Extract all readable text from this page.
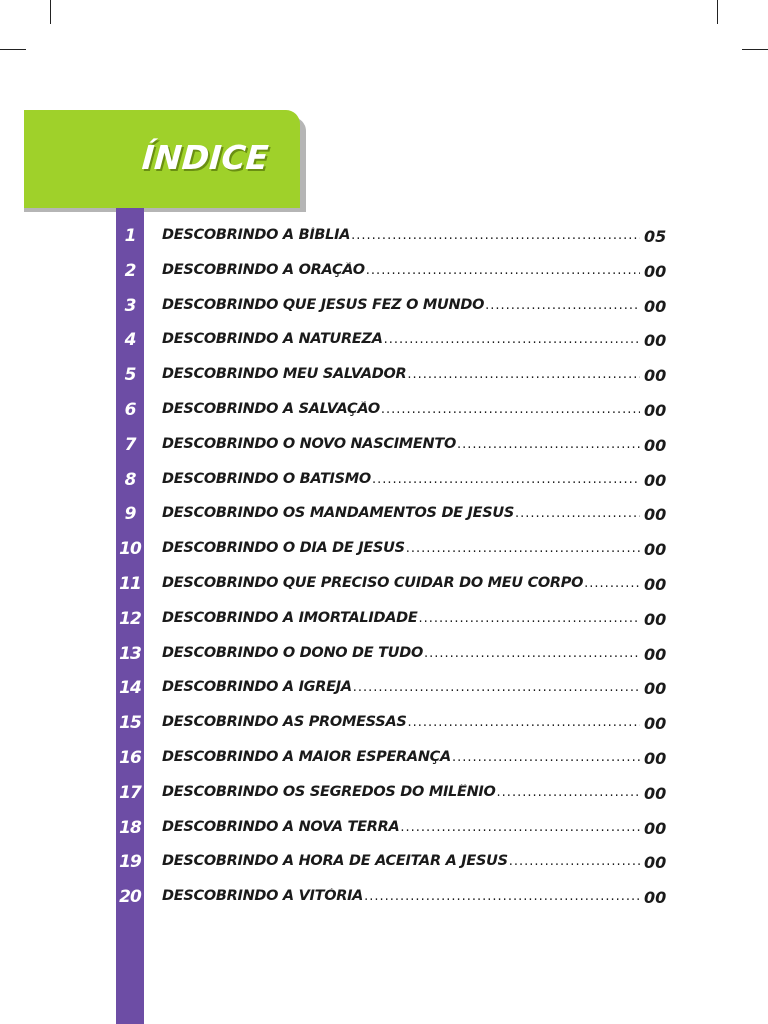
ÍNDICE
1	DESCOBRINDO A BÍBLIA .....	05
2	DESCOBRINDO A ORAÇÃO .....	00
3	DESCOBRINDO QUE JESUS FEZ O MUNDO .....	00
4	DESCOBRINDO A NATUREZA .....	00
5	DESCOBRINDO MEU SALVADOR .....	00
6	DESCOBRINDO A SALVAÇÃO .....	00
7	DESCOBRINDO O NOVO NASCIMENTO .....	00
8	DESCOBRINDO O BATISMO .....	00
9	DESCOBRINDO OS MANDAMENTOS DE JESUS .....	00
10	DESCOBRINDO O DIA DE JESUS .....	00
11	DESCOBRINDO QUE PRECISO CUIDAR DO MEU CORPO .....	00
12	DESCOBRINDO A IMORTALIDADE .....	00
13	DESCOBRINDO O DONO DE TUDO .....	00
14	DESCOBRINDO A IGREJA .....	00
15	DESCOBRINDO AS PROMESSAS .....	00
16	DESCOBRINDO A MAIOR ESPERANÇA .....	00
17	DESCOBRINDO OS SEGREDOS DO MILÊNIO .....	00
18	DESCOBRINDO A NOVA TERRA .....	00
19	DESCOBRINDO A HORA DE ACEITAR A JESUS .....	00
20	DESCOBRINDO A VITÓRIA .....	00
